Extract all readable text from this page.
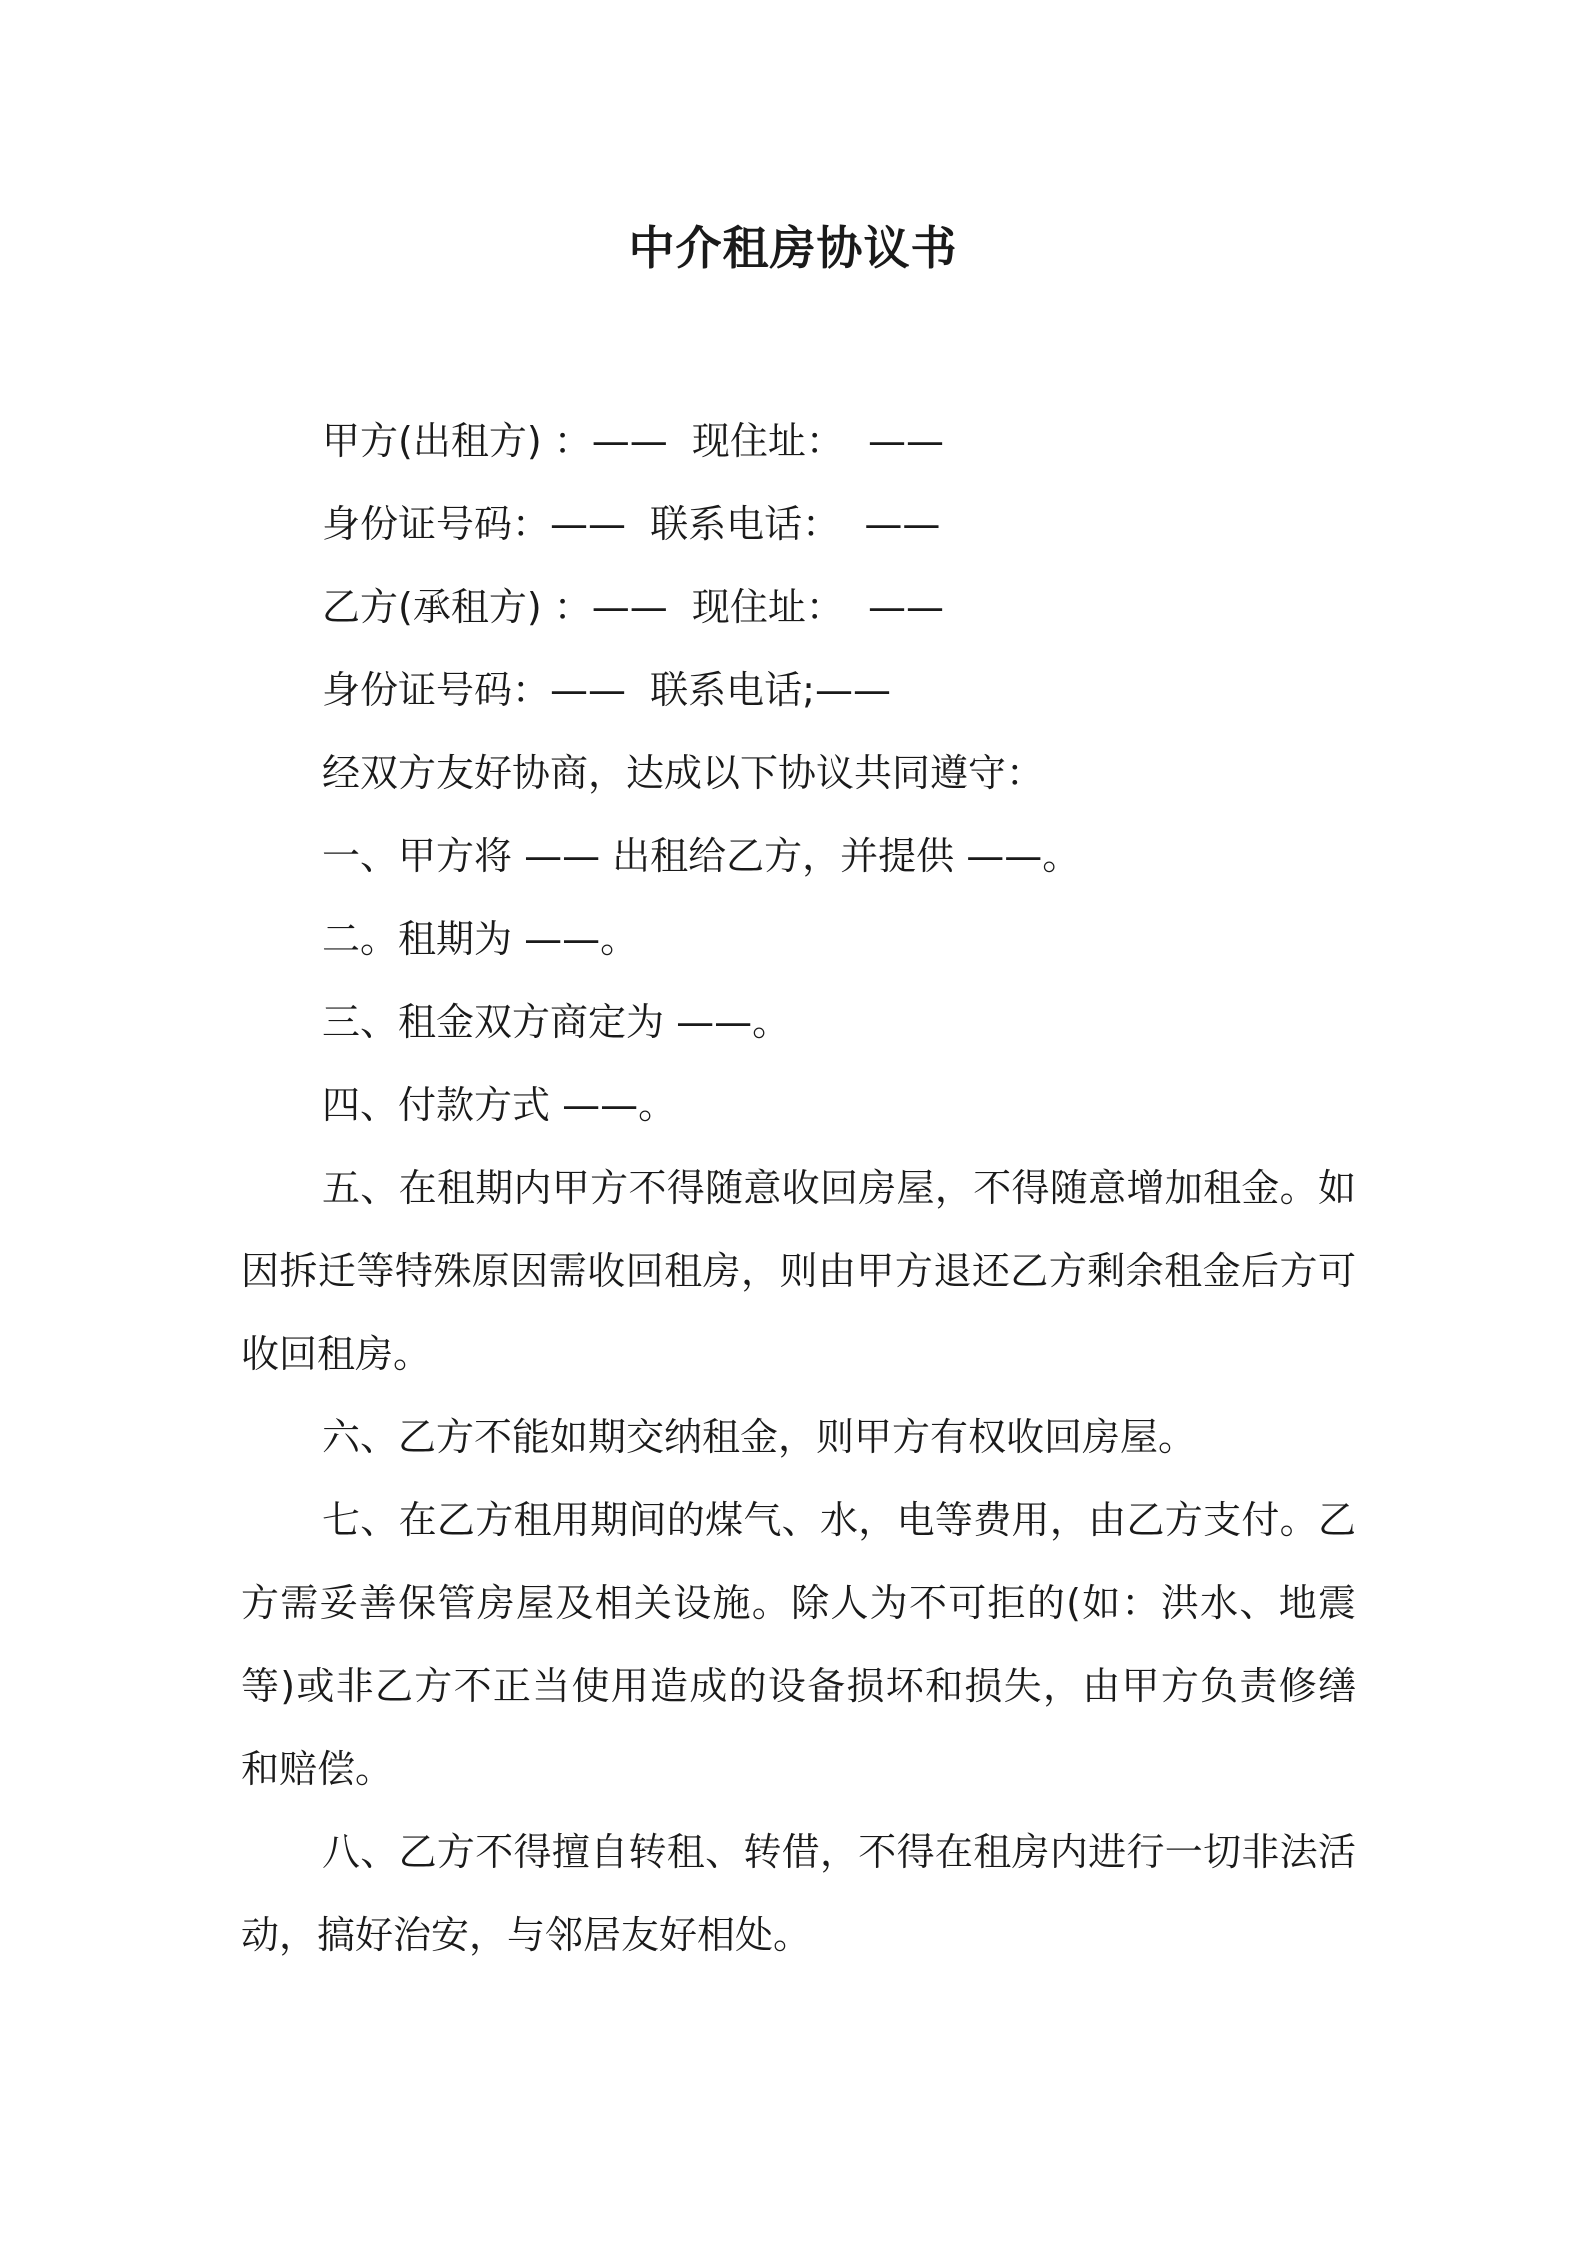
中介租房协议书

甲方(出租方) ：——  现住址：  ——

身份证号码：——  联系电话：  ——

乙方(承租方) ：——  现住址：  ——

身份证号码：——  联系电话;——

经双方友好协商，达成以下协议共同遵守：

一、甲方将 —— 出租给乙方，并提供 ——。

二。租期为 ——。

三、租金双方商定为 ——。

四、付款方式 ——。

五、在租期内甲方不得随意收回房屋，不得随意增加租金。如因拆迁等特殊原因需收回租房，则由甲方退还乙方剩余租金后方可收回租房。

六、乙方不能如期交纳租金，则甲方有权收回房屋。

七、在乙方租用期间的煤气、水，电等费用，由乙方支付。乙方需妥善保管房屋及相关设施。除人为不可拒的(如：洪水、地震等)或非乙方不正当使用造成的设备损坏和损失，由甲方负责修缮和赔偿。

八、乙方不得擅自转租、转借，不得在租房内进行一切非法活动，搞好治安，与邻居友好相处。
